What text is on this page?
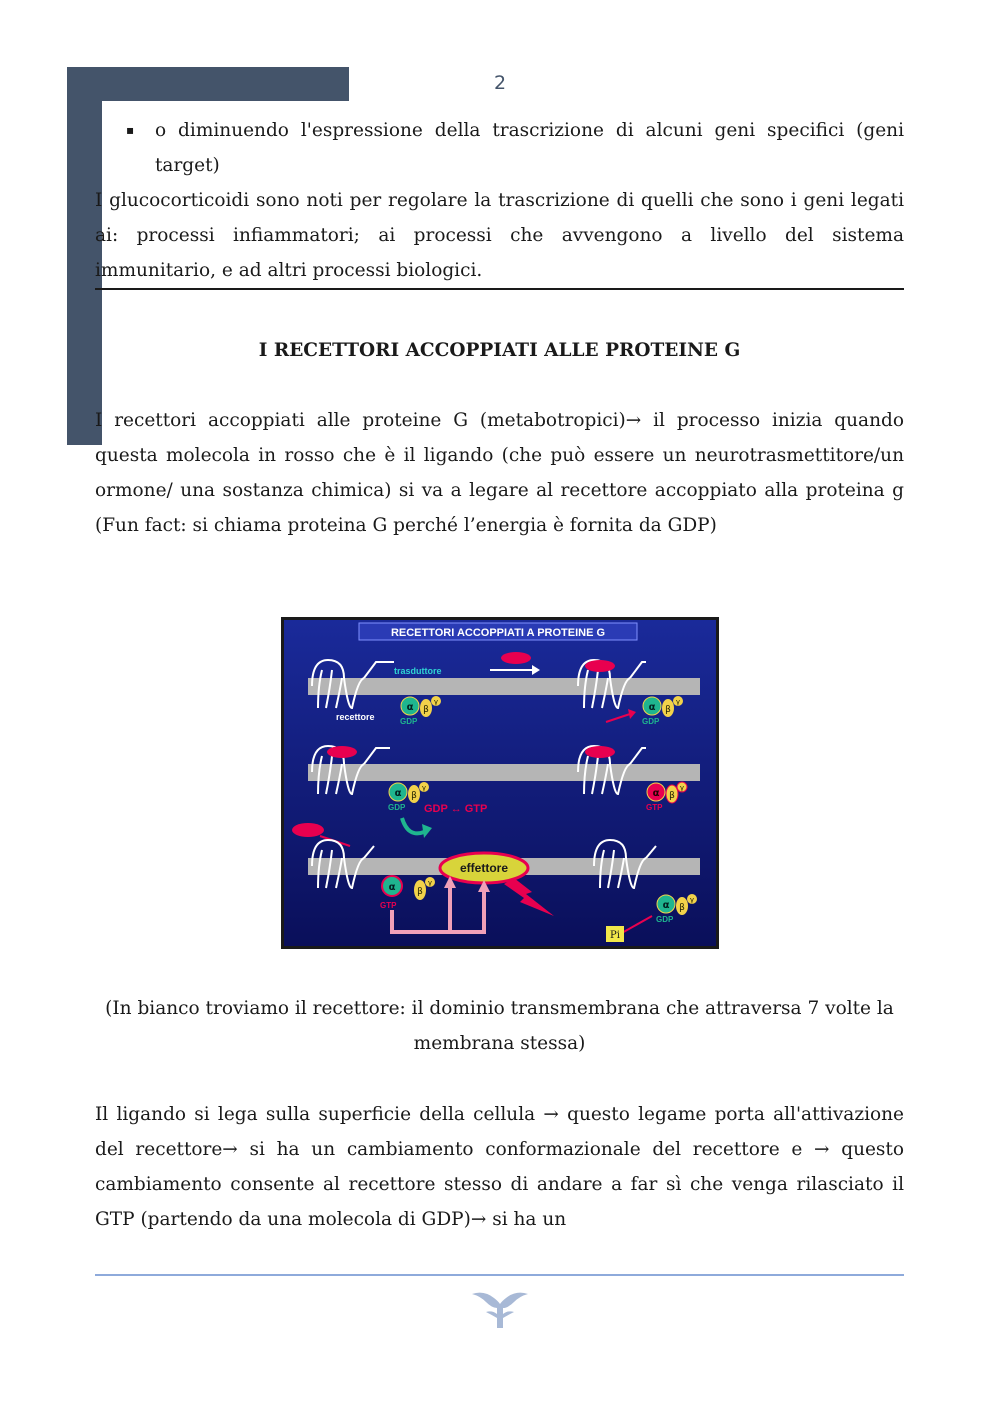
2
▪	o diminuendo l'espressione della trascrizione di alcuni geni specifici (geni target)

I glucocorticoidi sono noti per regolare la trascrizione di quelli che sono i geni legati ai: processi infiammatori; ai processi che avvengono a livello del sistema immunitario, e ad altri processi biologici.

I RECETTORI ACCOPPIATI ALLE PROTEINE G

I recettori accoppiati alle proteine G (metabotropici)→ il processo inizia quando questa molecola in rosso che è il ligando (che può essere un neurotrasmettitore/un ormone/ una sostanza chimica) si va a legare al recettore accoppiato alla proteina g (Fun fact: si chiama proteina G perché l’energia è fornita da GDP)

RECETTORI ACCOPPIATI A PROTEINE G
trasduttore
recettore
α β
γ
GDP
α β
γ
GDP
α β
γ
GDP GDP ↔ GTP
α β
γ
GTP
α
GTP
β
γ
effettore
α β
γ
GDP
Pi
(In bianco troviamo il recettore: il dominio transmembrana che attraversa 7 volte la membrana stessa)
Il ligando si lega sulla superficie della cellula → questo legame porta all'attivazione del recettore→ si ha un cambiamento conformazionale del recettore e → questo cambiamento consente al recettore stesso di andare a far sì che venga rilasciato il GTP (partendo da una molecola di GDP)→ si ha un
